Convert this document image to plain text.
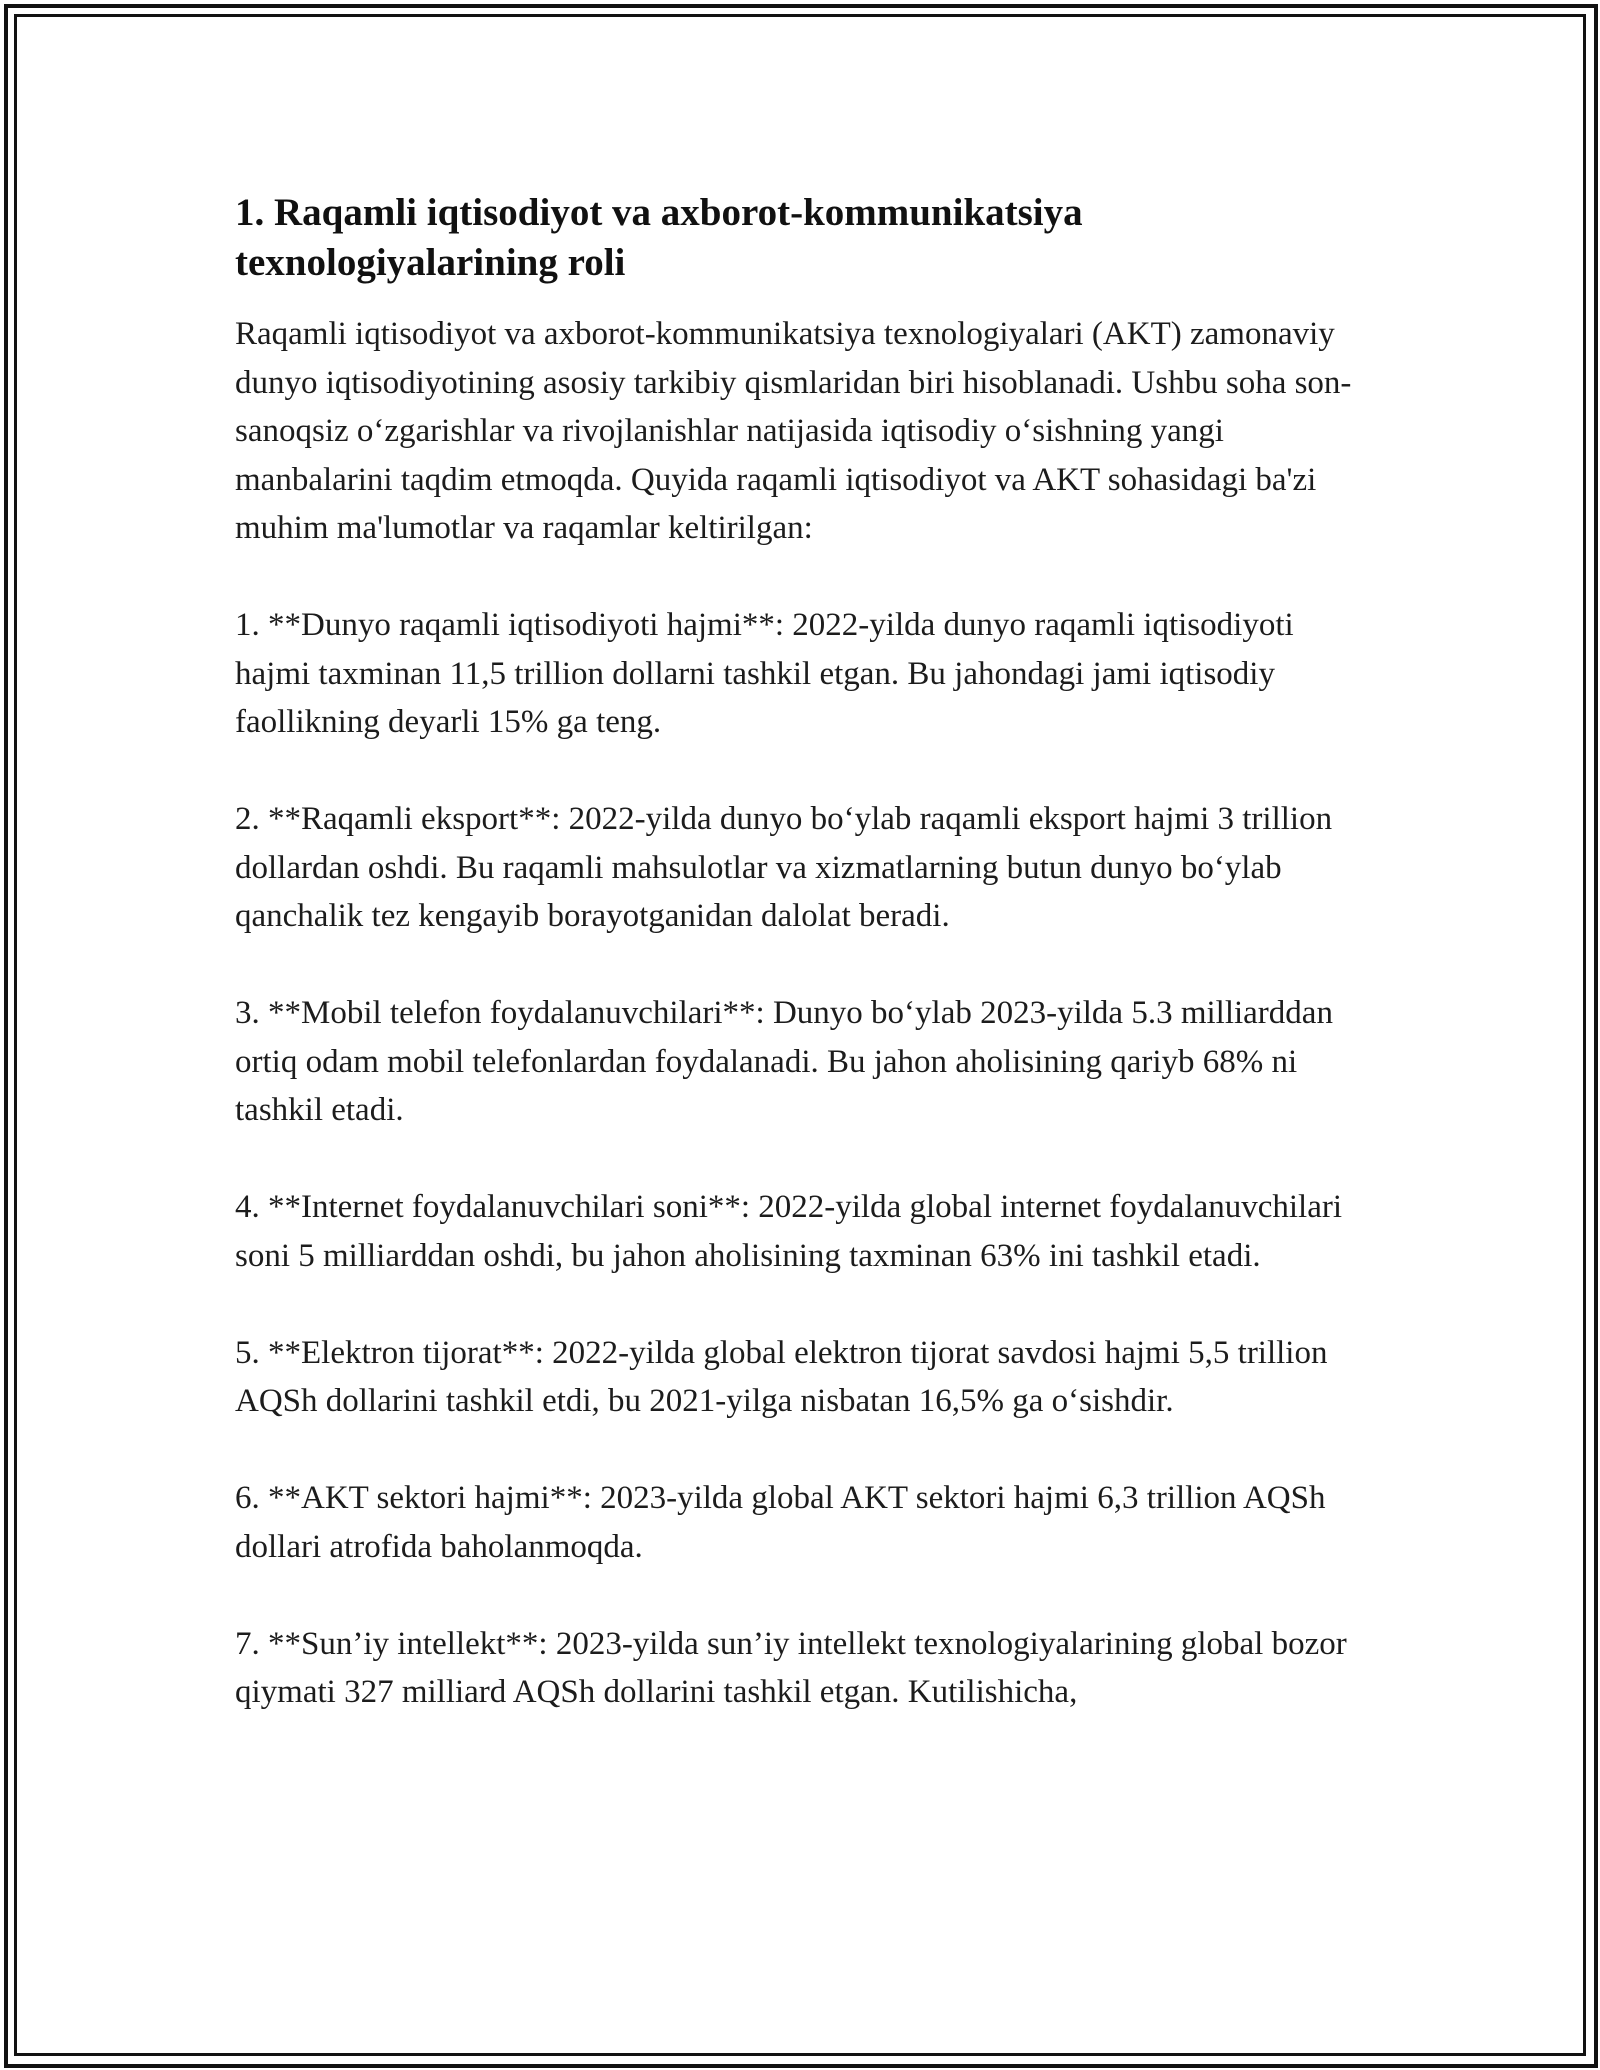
1. Raqamli iqtisodiyot va axborot-kommunikatsiya texnologiyalarining roli

Raqamli iqtisodiyot va axborot-kommunikatsiya texnologiyalari (AKT) zamonaviy dunyo iqtisodiyotining asosiy tarkibiy qismlaridan biri hisoblanadi. Ushbu soha son-sanoqsiz o‘zgarishlar va rivojlanishlar natijasida iqtisodiy o‘sishning yangi manbalarini taqdim etmoqda. Quyida raqamli iqtisodiyot va AKT sohasidagi ba'zi muhim ma'lumotlar va raqamlar keltirilgan:

1. **Dunyo raqamli iqtisodiyoti hajmi**: 2022-yilda dunyo raqamli iqtisodiyoti hajmi taxminan 11,5 trillion dollarni tashkil etgan. Bu jahondagi jami iqtisodiy faollikning deyarli 15% ga teng.

2. **Raqamli eksport**: 2022-yilda dunyo bo‘ylab raqamli eksport hajmi 3 trillion dollardan oshdi. Bu raqamli mahsulotlar va xizmatlarning butun dunyo bo‘ylab qanchalik tez kengayib borayotganidan dalolat beradi.

3. **Mobil telefon foydalanuvchilari**: Dunyo bo‘ylab 2023-yilda 5.3 milliarddan ortiq odam mobil telefonlardan foydalanadi. Bu jahon aholisining qariyb 68% ni tashkil etadi.

4. **Internet foydalanuvchilari soni**: 2022-yilda global internet foydalanuvchilari soni 5 milliarddan oshdi, bu jahon aholisining taxminan 63% ini tashkil etadi.

5. **Elektron tijorat**: 2022-yilda global elektron tijorat savdosi hajmi 5,5 trillion AQSh dollarini tashkil etdi, bu 2021-yilga nisbatan 16,5% ga o‘sishdir.

6. **AKT sektori hajmi**: 2023-yilda global AKT sektori hajmi 6,3 trillion AQSh dollari atrofida baholanmoqda.

7. **Sun’iy intellekt**: 2023-yilda sun’iy intellekt texnologiyalarining global bozor qiymati 327 milliard AQSh dollarini tashkil etgan. Kutilishicha,
